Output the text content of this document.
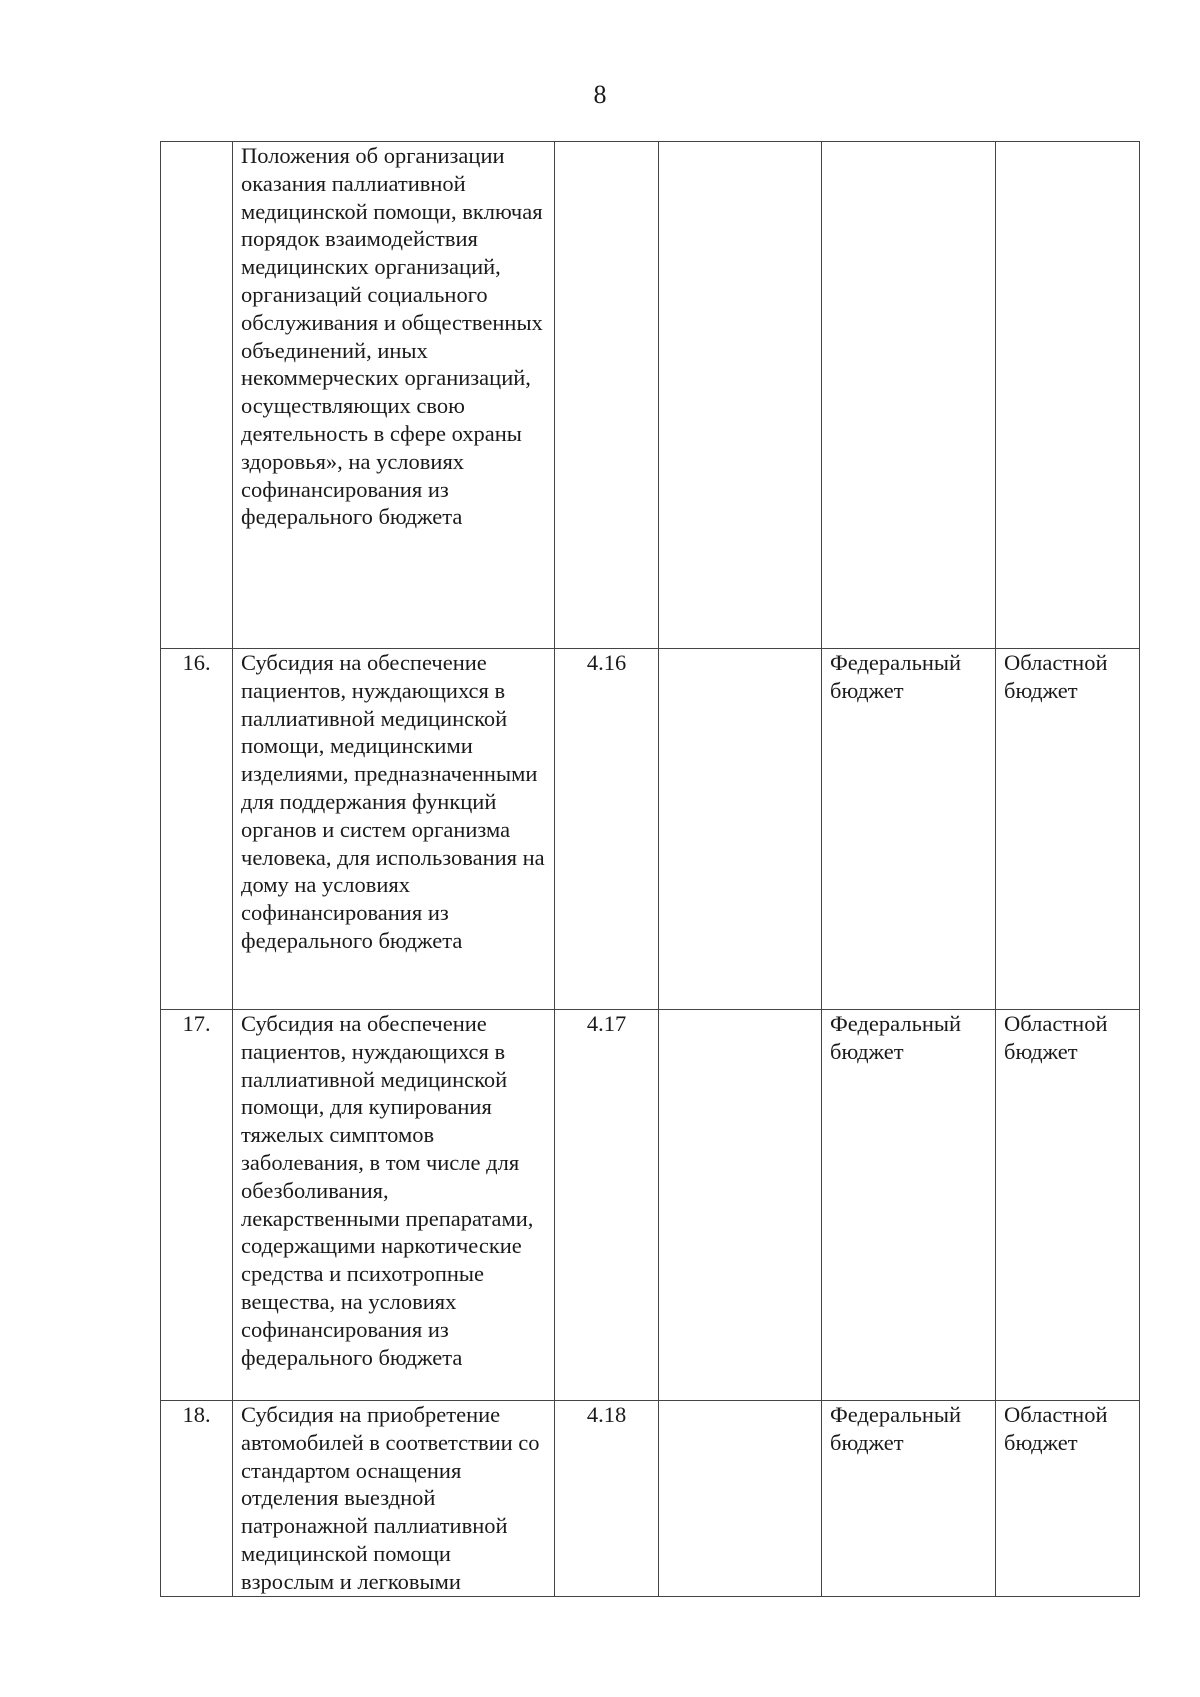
8
	Положения об организации оказания паллиативной медицинской помощи, включая порядок взаимодействия медицинских организаций, организаций социального обслуживания и общественных объединений, иных некоммерческих организаций, осуществляющих свою деятельность в сфере охраны здоровья», на условиях софинансирования из федерального бюджета				
16.	Субсидия на обеспечение пациентов, нуждающихся в паллиативной медицинской помощи, медицинскими изделиями, предназначенными для поддержания функций органов и систем организма человека, для использования на дому на условиях софинансирования из федерального бюджета	4.16		Федеральный бюджет	Областной бюджет
17.	Субсидия на обеспечение пациентов, нуждающихся в паллиативной медицинской помощи, для купирования тяжелых симптомов заболевания, в том числе для обезболивания, лекарственными препаратами, содержащими наркотические средства и психотропные вещества, на условиях софинансирования из федерального бюджета	4.17		Федеральный бюджет	Областной бюджет
18.	Субсидия на приобретение автомобилей в соответствии со стандартом оснащения отделения выездной патронажной паллиативной медицинской помощи взрослым и легковыми	4.18		Федеральный бюджет	Областной бюджет
